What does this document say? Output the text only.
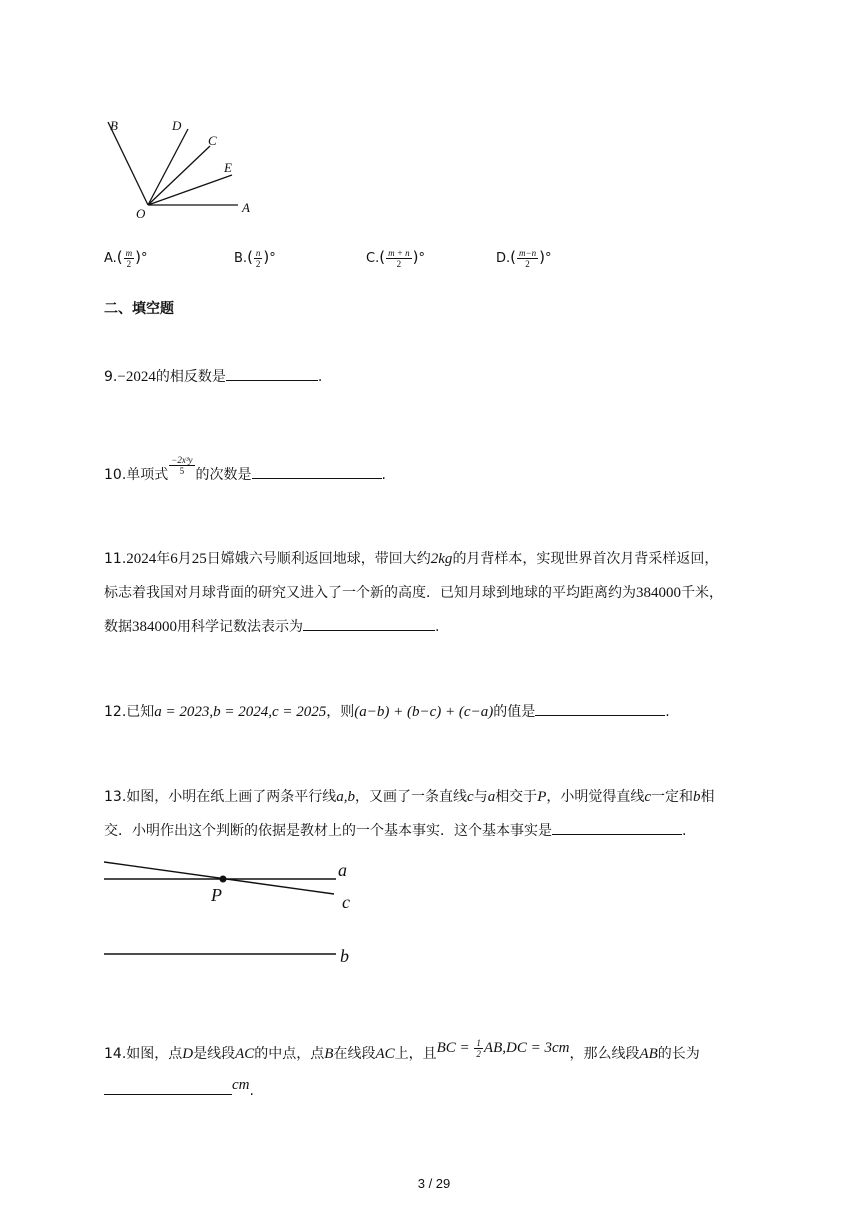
B	D
C
E
O	A
$A.( \frac{m}{2}$ )°	$B.( \frac{n}{2}$ )°	$C.( \frac{m + n}{2}$ )°	$D.( \frac{m-n}{2}$ )°
二、填空题
9.−2024的相反数是	.
10.单项式 $\frac{\text{−2x³y}}{5}$ 的次数是	.
11.2024年6月25日嫦娥六号顺利返回地球，带回大约2kg的月背样本，实现世界首次月背采样返回，
标志着我国对月球背面的研究又进入了一个新的高度．已知月球到地球的平均距离约为384000千米，
数据384000用科学记数法表示为	.
12.已知a = 2023,b = 2024,c = 2025，则(a−b) + (b−c) + (c−a)的值是	.
13.如图，小明在纸上画了两条平行线a,b，又画了一条直线c与a相交于P，小明觉得直线c一定和b相
交．小明作出这个判断的依据是教材上的一个基本事实．这个基本事实是	.
a
c
b
P
14.如图，点D是线段AC的中点，点B在线段AC上，且BC = $\frac{1}{2} AB,DC = 3cm$，那么线段AB的长为
cm.
3 / 29
